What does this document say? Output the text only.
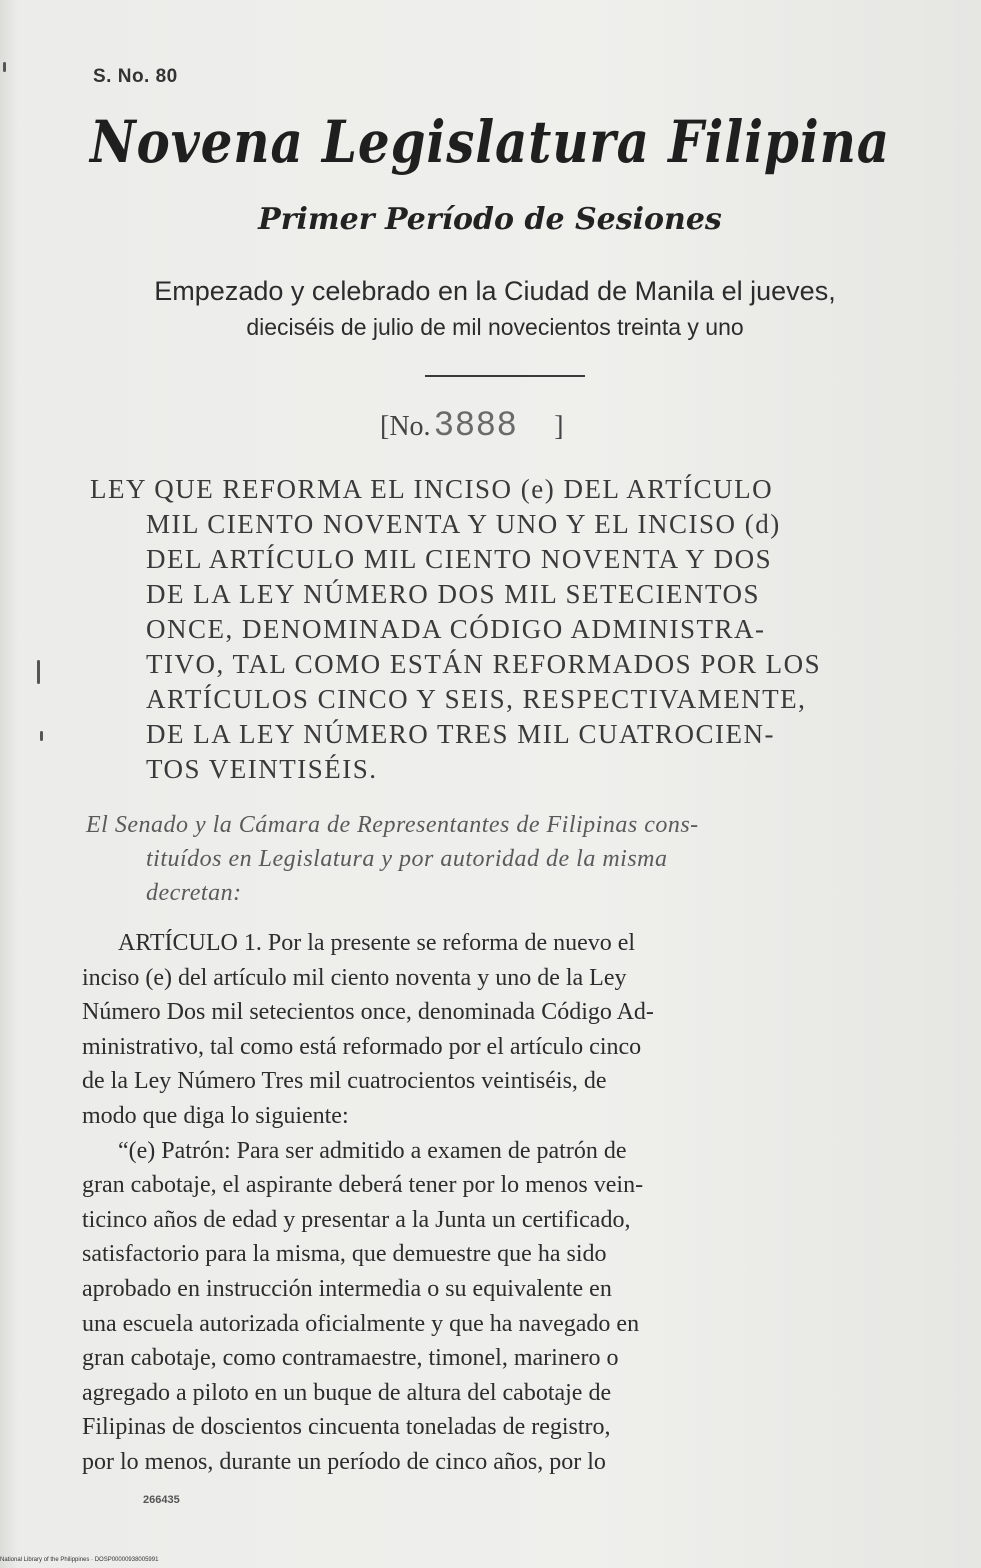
S. No. 80
Novena Legislatura Filipina
Primer Período de Sesiones
Empezado y celebrado en la Ciudad de Manila el jueves,
dieciséis de julio de mil novecientos treinta y uno
[No. 3888 ]
LEY QUE REFORMA EL INCISO (e) DEL ARTÍCULO
MIL CIENTO NOVENTA Y UNO Y EL INCISO (d)
DEL ARTÍCULO MIL CIENTO NOVENTA Y DOS
DE LA LEY NÚMERO DOS MIL SETECIENTOS
ONCE, DENOMINADA CÓDIGO ADMINISTRA-
TIVO, TAL COMO ESTÁN REFORMADOS POR LOS
ARTÍCULOS CINCO Y SEIS, RESPECTIVAMENTE,
DE LA LEY NÚMERO TRES MIL CUATROCIEN-
TOS VEINTISÉIS.
El Senado y la Cámara de Representantes de Filipinas cons-
tituídos en Legislatura y por autoridad de la misma
decretan:
ARTÍCULO 1. Por la presente se reforma de nuevo el
inciso (e) del artículo mil ciento noventa y uno de la Ley
Número Dos mil setecientos once, denominada Código Ad-
ministrativo, tal como está reformado por el artículo cinco
de la Ley Número Tres mil cuatrocientos veintiséis, de
modo que diga lo siguiente:
“(e) Patrón: Para ser admitido a examen de patrón de
gran cabotaje, el aspirante deberá tener por lo menos vein-
ticinco años de edad y presentar a la Junta un certificado,
satisfactorio para la misma, que demuestre que ha sido
aprobado en instrucción intermedia o su equivalente en
una escuela autorizada oficialmente y que ha navegado en
gran cabotaje, como contramaestre, timonel, marinero o
agregado a piloto en un buque de altura del cabotaje de
Filipinas de doscientos cincuenta toneladas de registro,
por lo menos, durante un período de cinco años, por lo
266435
National Library of the Philippines · DOSP00000938005991
